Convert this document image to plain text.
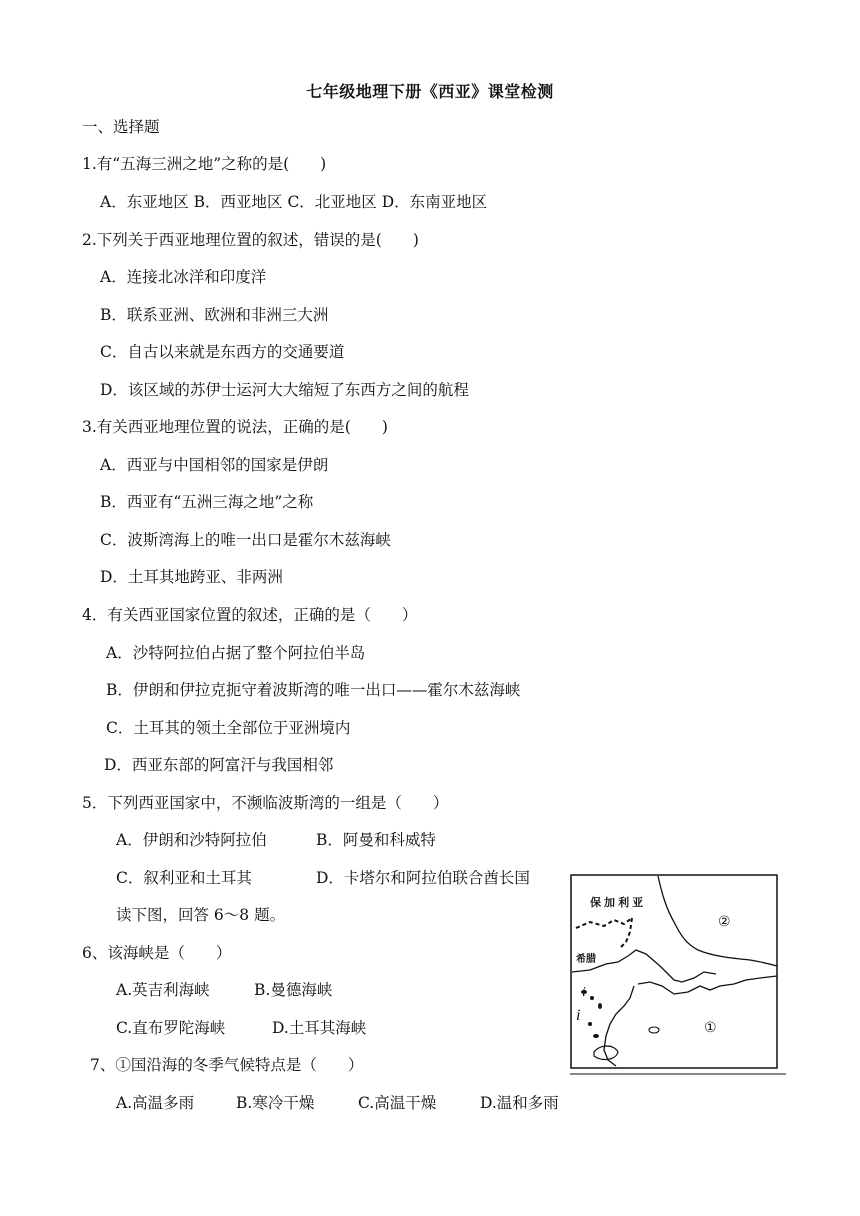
七年级地理下册《西亚》课堂检测
一、选择题
1.有“五海三洲之地”之称的是(　　)
A．东亚地区 B．西亚地区 C．北亚地区 D．东南亚地区
2.下列关于西亚地理位置的叙述，错误的是(　　)
A．连接北冰洋和印度洋
B．联系亚洲、欧洲和非洲三大洲
C．自古以来就是东西方的交通要道
D．该区域的苏伊士运河大大缩短了东西方之间的航程
3.有关西亚地理位置的说法，正确的是(　　)
A．西亚与中国相邻的国家是伊朗
B．西亚有“五洲三海之地”之称
C．波斯湾海上的唯一出口是霍尔木兹海峡
D．土耳其地跨亚、非两洲
4．有关西亚国家位置的叙述，正确的是（　　）
A．沙特阿拉伯占据了整个阿拉伯半岛
B．伊朗和伊拉克扼守着波斯湾的唯一出口——霍尔木兹海峡
C．土耳其的领土全部位于亚洲境内
D．西亚东部的阿富汗与我国相邻
5．下列西亚国家中，不濒临波斯湾的一组是（　　）
A．伊朗和沙特阿拉伯	B．阿曼和科威特
C．叙利亚和土耳其	D．卡塔尔和阿拉伯联合酋长国
读下图，回答 6～8 题。
6、该海峡是（　　）
A.英吉利海峡	B.曼德海峡
C.直布罗陀海峡	D.土耳其海峡
7、①国沿海的冬季气候特点是（　　）
A.高温多雨	B.寒冷干燥	C.高温干燥	D.温和多雨
i
i
保 加 利 亚
希腊
②
①
